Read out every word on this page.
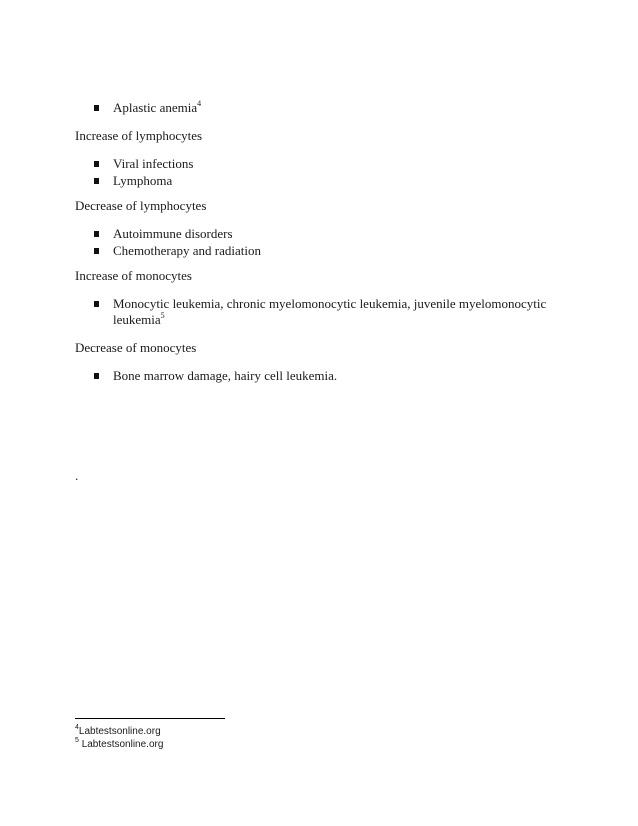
Aplastic anemia$^4$
Increase of lymphocytes
Viral infections
Lymphoma
Decrease of lymphocytes
Autoimmune disorders
Chemotherapy and radiation
Increase of monocytes
Monocytic leukemia, chronic myelomonocytic leukemia, juvenile myelomonocytic leukemia$^5$
Decrease of monocytes
Bone marrow damage, hairy cell leukemia.
.
$^4$Labtestsonline.org
$^5$ Labtestsonline.org
